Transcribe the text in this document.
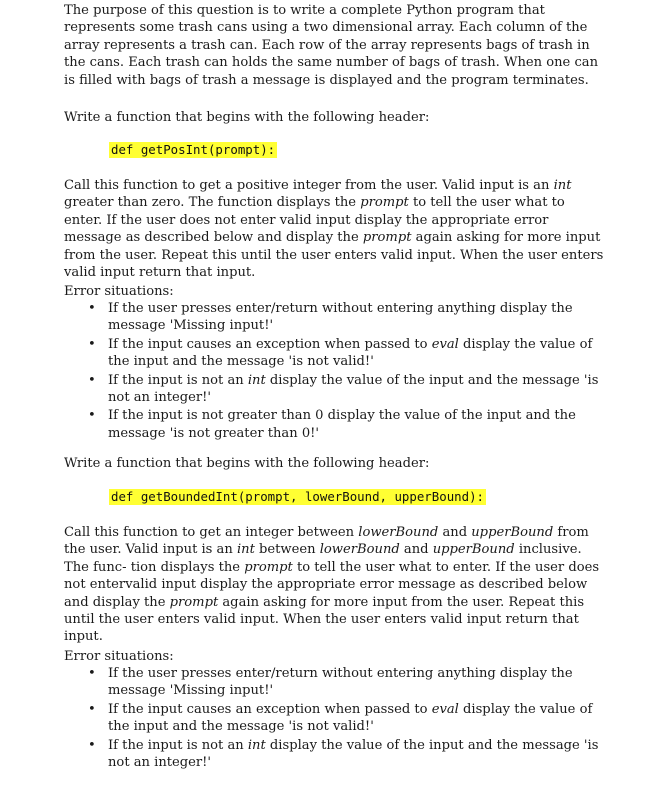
The purpose of this question is to write a complete Python program that represents some trash cans using a two dimensional array. Each column of the array represents a trash can. Each row of the array represents bags of trash in the cans. Each trash can holds the same number of bags of trash. When one can is filled with bags of trash a message is displayed and the program terminates.

Write a function that begins with the following header:

def getPosInt(prompt):

Call this function to get a positive integer from the user. Valid input is an int greater than zero. The function displays the prompt to tell the user what to enter. If the user does not enter valid input display the appropriate error message as described below and display the prompt again asking for more input from the user. Repeat this until the user enters valid input. When the user enters valid input return that input.

Error situations:

• If the user presses enter/return without entering anything display the message 'Missing input!'
• If the input causes an exception when passed to eval display the value of the input and the message 'is not valid!'
• If the input is not an int display the value of the input and the message 'is not an integer!'
• If the input is not greater than 0 display the value of the input and the message 'is not greater than 0!'

Write a function that begins with the following header:

def getBoundedInt(prompt, lowerBound, upperBound):

Call this function to get an integer between lowerBound and upperBound from the user. Valid input is an int between lowerBound and upperBound inclusive. The func- tion displays the prompt to tell the user what to enter. If the user does not entervalid input display the appropriate error message as described below and display the prompt again asking for more input from the user. Repeat this until the user enters valid input. When the user enters valid input return that input.

Error situations:

• If the user presses enter/return without entering anything display the message 'Missing input!'
• If the input causes an exception when passed to eval display the value of the input and the message 'is not valid!'
• If the input is not an int display the value of the input and the message 'is not an integer!'
